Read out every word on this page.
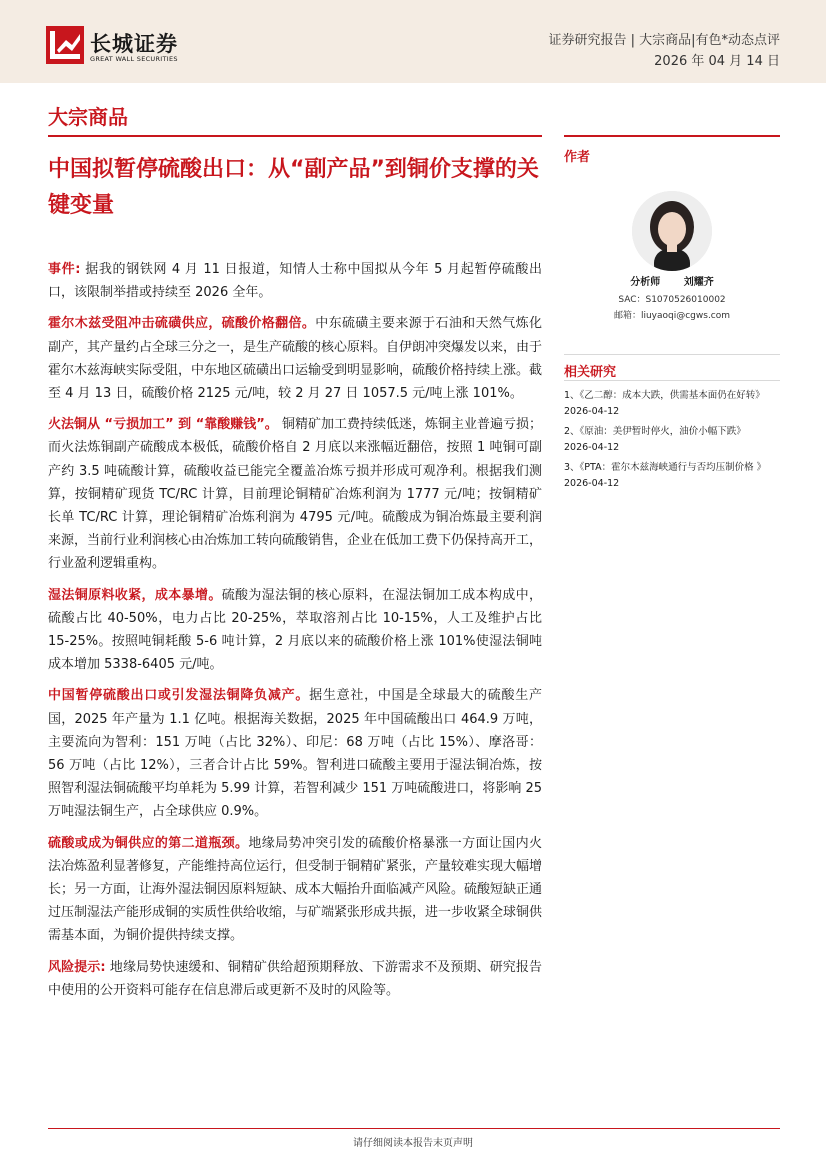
长城证券
GREAT WALL SECURITIES
证券研究报告 | 大宗商品|有色*动态点评
2026 年 04 月 14 日
大宗商品
中国拟暂停硫酸出口：从“副产品”到铜价支撑的关键变量

事件: 据我的钢铁网 4 月 11 日报道，知情人士称中国拟从今年 5 月起暂停硫酸出口，该限制举措或持续至 2026 全年。

霍尔木兹受阻冲击硫磺供应，硫酸价格翻倍。中东硫磺主要来源于石油和天然气炼化副产，其产量约占全球三分之一，是生产硫酸的核心原料。自伊朗冲突爆发以来，由于霍尔木兹海峡实际受阻，中东地区硫磺出口运输受到明显影响，硫酸价格持续上涨。截至 4 月 13 日，硫酸价格 2125 元/吨，较 2 月 27 日 1057.5 元/吨上涨 101%。

火法铜从 “亏损加工” 到 “靠酸赚钱”。 铜精矿加工费持续低迷，炼铜主业普遍亏损；而火法炼铜副产硫酸成本极低，硫酸价格自 2 月底以来涨幅近翻倍，按照 1 吨铜可副产约 3.5 吨硫酸计算，硫酸收益已能完全覆盖冶炼亏损并形成可观净利。根据我们测算，按铜精矿现货 TC/RC 计算，目前理论铜精矿冶炼利润为 1777 元/吨；按铜精矿长单 TC/RC 计算，理论铜精矿冶炼利润为 4795 元/吨。硫酸成为铜冶炼最主要利润来源，当前行业利润核心由冶炼加工转向硫酸销售，企业在低加工费下仍保持高开工，行业盈利逻辑重构。

湿法铜原料收紧，成本暴增。硫酸为湿法铜的核心原料，在湿法铜加工成本构成中，硫酸占比 40-50%，电力占比 20-25%，萃取溶剂占比 10-15%，人工及维护占比 15-25%。按照吨铜耗酸 5-6 吨计算，2 月底以来的硫酸价格上涨 101%使湿法铜吨成本增加 5338-6405 元/吨。

中国暂停硫酸出口或引发湿法铜降负减产。据生意社，中国是全球最大的硫酸生产国，2025 年产量为 1.1 亿吨。根据海关数据，2025 年中国硫酸出口 464.9 万吨，主要流向为智利：151 万吨（占比 32%）、印尼：68 万吨（占比 15%）、摩洛哥：56 万吨（占比 12%），三者合计占比 59%。智利进口硫酸主要用于湿法铜冶炼，按照智利湿法铜硫酸平均单耗为 5.99 计算，若智利减少 151 万吨硫酸进口，将影响 25 万吨湿法铜生产，占全球供应 0.9%。

硫酸或成为铜供应的第二道瓶颈。地缘局势冲突引发的硫酸价格暴涨一方面让国内火法冶炼盈利显著修复，产能维持高位运行，但受制于铜精矿紧张，产量较难实现大幅增长；另一方面，让海外湿法铜因原料短缺、成本大幅抬升面临减产风险。硫酸短缺正通过压制湿法产能形成铜的实质性供给收缩，与矿端紧张形成共振，进一步收紧全球铜供需基本面，为铜价提供持续支撑。

风险提示: 地缘局势快速缓和、铜精矿供给超预期释放、下游需求不及预期、研究报告中使用的公开资料可能存在信息滞后或更新不及时的风险等。

作者
分析师 刘耀齐
SAC：S1070526010002
邮箱：liuyaoqi@cgws.com
相关研究
1、《乙二醇：成本大跌，供需基本面仍在好转》
2026-04-12
2、《原油：美伊暂时停火，油价小幅下跌》
2026-04-12
3、《PTA：霍尔木兹海峡通行与否均压制价格 》
2026-04-12
请仔细阅读本报告末页声明
